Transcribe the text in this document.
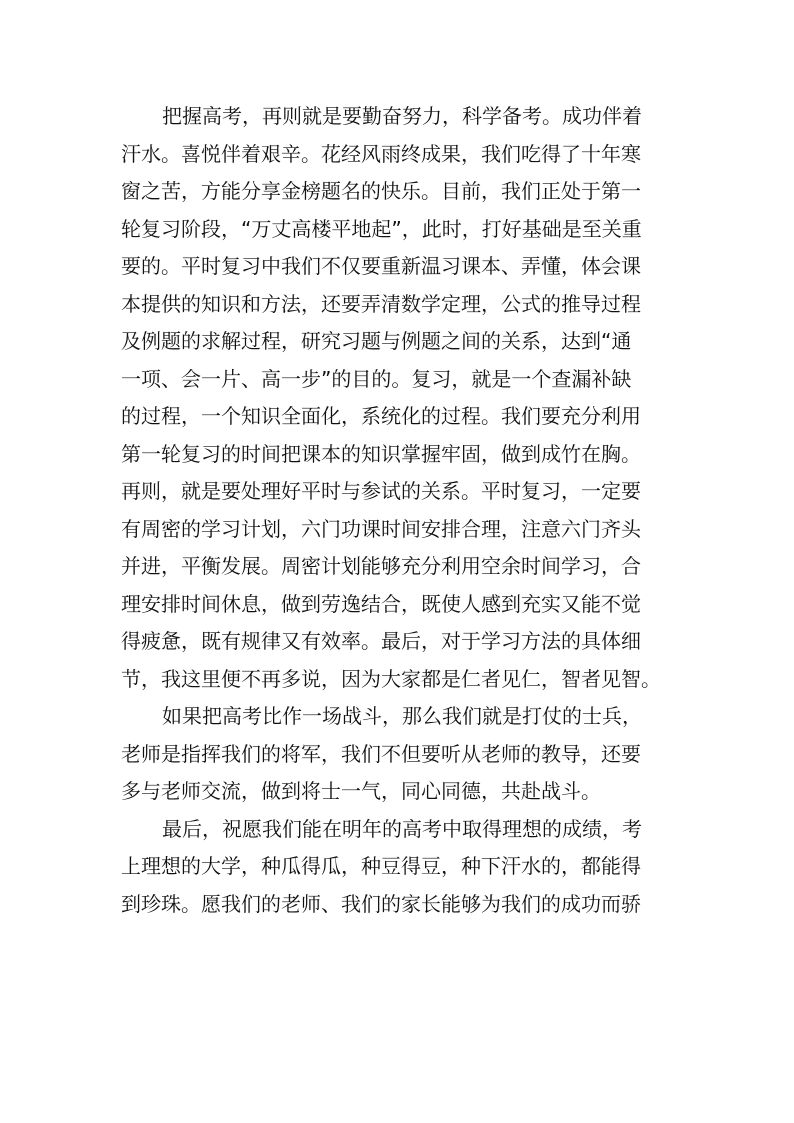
把握高考，再则就是要勤奋努力，科学备考。成功伴着
汗水。喜悦伴着艰辛。花经风雨终成果，我们吃得了十年寒
窗之苦，方能分享金榜题名的快乐。目前，我们正处于第一
轮复习阶段，“万丈高楼平地起”，此时，打好基础是至关重
要的。平时复习中我们不仅要重新温习课本、弄懂，体会课
本提供的知识和方法，还要弄清数学定理，公式的推导过程
及例题的求解过程，研究习题与例题之间的关系，达到“通
一项、会一片、高一步”的目的。复习，就是一个查漏补缺
的过程，一个知识全面化，系统化的过程。我们要充分利用
第一轮复习的时间把课本的知识掌握牢固，做到成竹在胸。
再则，就是要处理好平时与参试的关系。平时复习，一定要
有周密的学习计划，六门功课时间安排合理，注意六门齐头
并进，平衡发展。周密计划能够充分利用空余时间学习，合
理安排时间休息，做到劳逸结合，既使人感到充实又能不觉
得疲惫，既有规律又有效率。最后，对于学习方法的具体细
节，我这里便不再多说，因为大家都是仁者见仁，智者见智。
如果把高考比作一场战斗，那么我们就是打仗的士兵，
老师是指挥我们的将军，我们不但要听从老师的教导，还要
多与老师交流，做到将士一气，同心同德，共赴战斗。
最后，祝愿我们能在明年的高考中取得理想的成绩，考
上理想的大学，种瓜得瓜，种豆得豆，种下汗水的，都能得
到珍珠。愿我们的老师、我们的家长能够为我们的成功而骄
